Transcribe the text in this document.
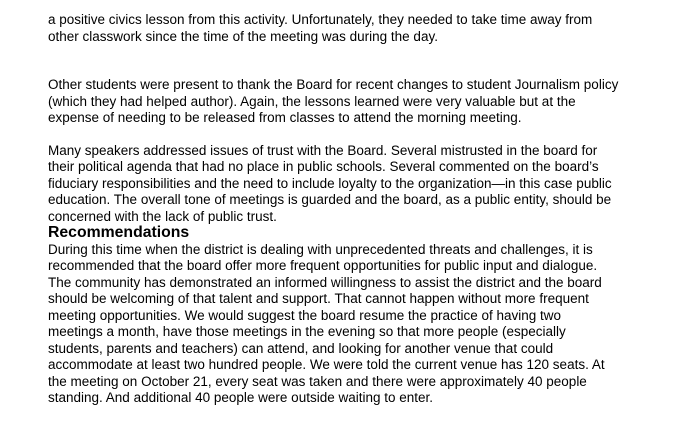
a positive civics lesson from this activity. Unfortunately, they needed to take time away from
other classwork since the time of the meeting was during the day.

Other students were present to thank the Board for recent changes to student Journalism policy
(which they had helped author). Again, the lessons learned were very valuable but at the
expense of needing to be released from classes to attend the morning meeting.

Many speakers addressed issues of trust with the Board. Several mistrusted in the board for
their political agenda that had no place in public schools. Several commented on the board’s
fiduciary responsibilities and the need to include loyalty to the organization—in this case public
education. The overall tone of meetings is guarded and the board, as a public entity, should be
concerned with the lack of public trust.

Recommendations

During this time when the district is dealing with unprecedented threats and challenges, it is
recommended that the board offer more frequent opportunities for public input and dialogue.
The community has demonstrated an informed willingness to assist the district and the board
should be welcoming of that talent and support. That cannot happen without more frequent
meeting opportunities. We would suggest the board resume the practice of having two
meetings a month, have those meetings in the evening so that more people (especially
students, parents and teachers) can attend, and looking for another venue that could
accommodate at least two hundred people. We were told the current venue has 120 seats. At
the meeting on October 21, every seat was taken and there were approximately 40 people
standing. And additional 40 people were outside waiting to enter.
